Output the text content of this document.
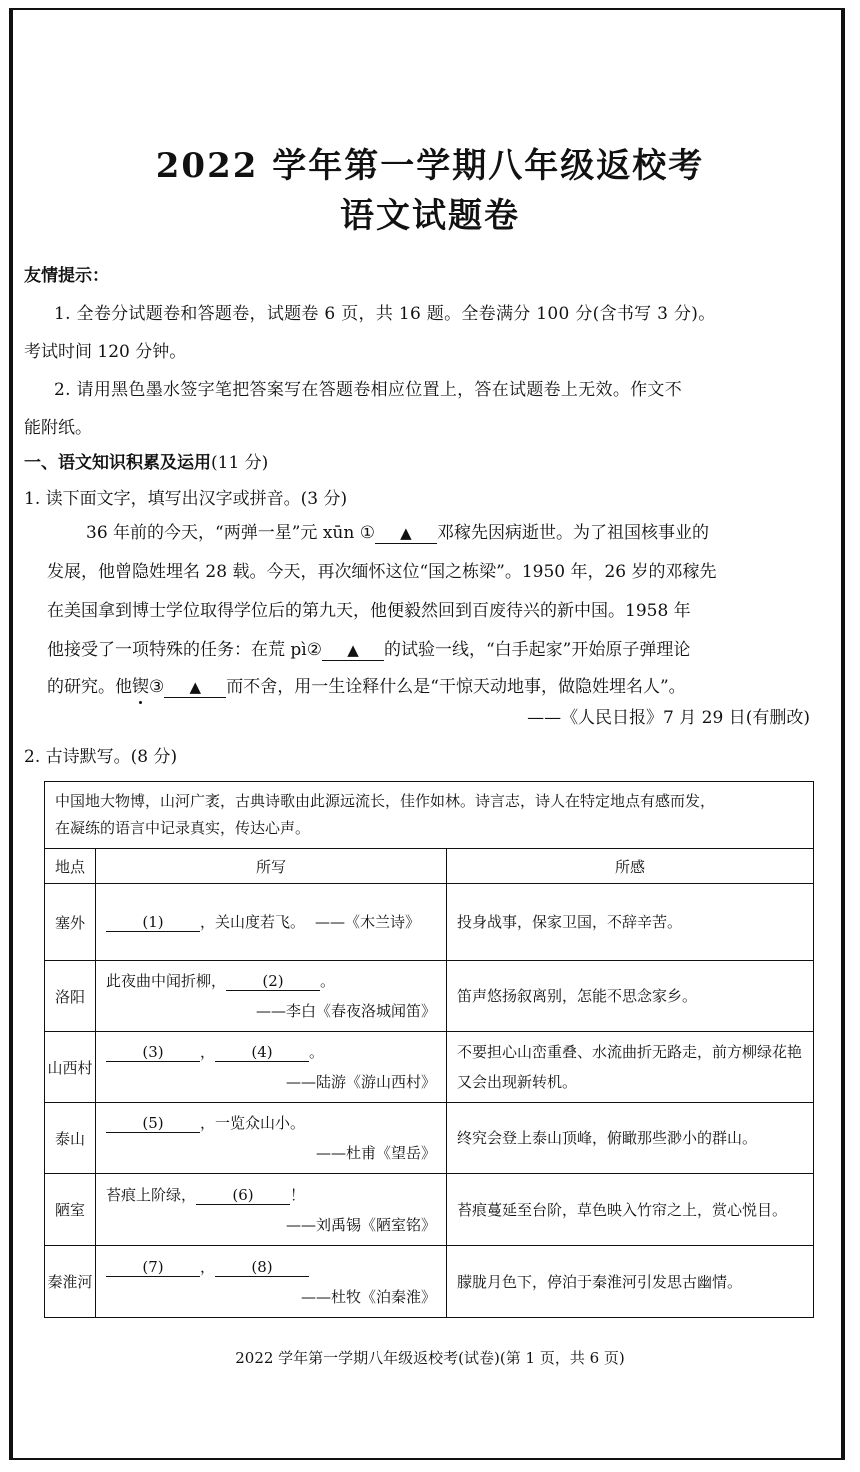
2022 学年第一学期八年级返校考
语文试题卷
友情提示：
1. 全卷分试题卷和答题卷，试题卷 6 页，共 16 题。全卷满分 100 分(含书写 3 分)。
考试时间 120 分钟。
2. 请用黑色墨水签字笔把答案写在答题卷相应位置上，答在试题卷上无效。作文不
能附纸。
一、语文知识积累及运用(11 分)
1. 读下面文字，填写出汉字或拼音。(3 分)
36 年前的今天，“两弹一星”元 xūn ① ▲ 邓稼先因病逝世。为了祖国核事业的
发展，他曾隐姓埋名 28 载。今天，再次缅怀这位“国之栋梁”。1950 年，26 岁的邓稼先
在美国拿到博士学位取得学位后的第九天，他便毅然回到百废待兴的新中国。1958 年
他接受了一项特殊的任务：在荒 pì② ▲ 的试验一线，“白手起家”开始原子弹理论
的研究。他锲③ ▲ 而不舍，用一生诠释什么是“干惊天动地事，做隐姓埋名人”。
——《人民日报》7 月 29 日(有删改)
2. 古诗默写。(8 分)
中国地大物博，山河广袤，古典诗歌由此源远流长，佳作如林。诗言志，诗人在特定地点有感而发，
在凝练的语言中记录真实，传达心声。		

地点	所写	所感
塞外	(1) ，关山度若飞。 ——《木兰诗》	投身战事，保家卫国，不辞辛苦。
洛阳	此夜曲中闻折柳， (2) 。
——李白《春夜洛城闻笛》	笛声悠扬叙离别，怎能不思念家乡。
山西村	(3) ， (4) 。
——陆游《游山西村》	不要担心山峦重叠、水流曲折无路走，前方柳绿花艳又会出现新转机。
泰山	(5) ，一览众山小。
——杜甫《望岳》	终究会登上泰山顶峰，俯瞰那些渺小的群山。
陋室	苔痕上阶绿， (6) ！
——刘禹锡《陋室铭》	苔痕蔓延至台阶，草色映入竹帘之上，赏心悦目。
秦淮河	(7) ， (8)
——杜牧《泊秦淮》	朦胧月色下，停泊于秦淮河引发思古幽情。
2022 学年第一学期八年级返校考(试卷)(第 1 页，共 6 页)
